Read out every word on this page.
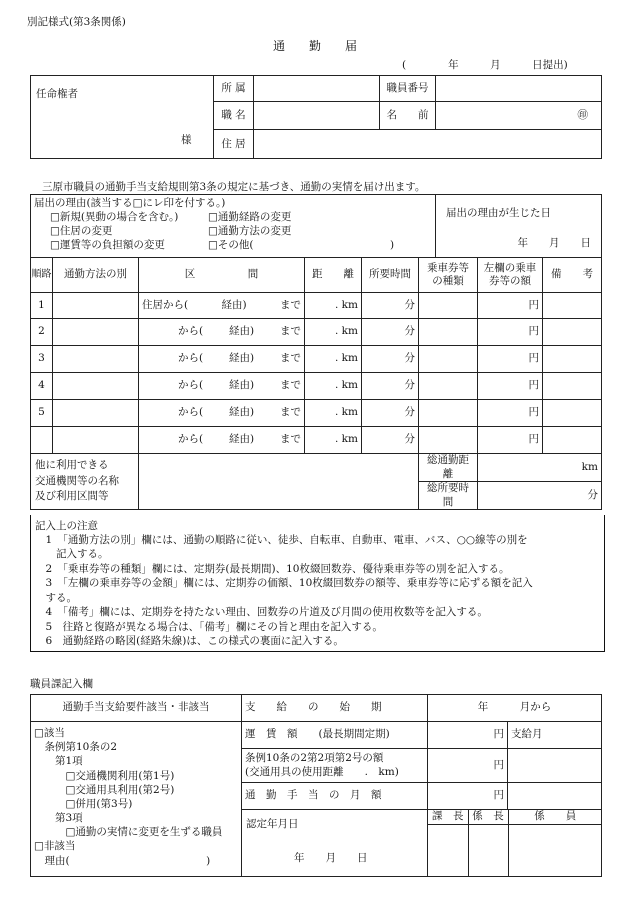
別記様式(第3条関係)
通　　勤　　届
(　　　　年　　　月　　　日提出)
任命権者
様	所 属		職員番号	
	職 名		名　　前	㊞
	住 居			
三原市職員の通勤手当支給規則第3条の規定に基づき、通勤の実情を届け出ます。
届出の理由(該当する□にレ印を付する。)
□新規(異動の場合を含む。)	□通勤経路の変更
□住居の変更	□通勤方法の変更
□運賃等の負担額の変更	□その他(　　　　　　　　　　　　　)

届出の理由が生じた日
年　　月　　日
順路	通勤方法の別	区　　　　　間	距　　離	所要時間	乗車券等の種類	左欄の乗車券等の額	備　　考
1		住居から( 経由) まで	. km	分		円	
2		から( 経由) まで	. km	分		円	
3		から( 経由) まで	. km	分		円	
4		から( 経由) まで	. km	分		円	
5		から( 経由) まで	. km	分		円	

		から( 経由) まで	. km	分		円	

他に利用できる
交通機関等の名称
及び利用区間等					総通勤距離	km	
					総所要時間	分	
記入上の注意
　1　「通勤方法の別」欄には、通勤の順路に従い、徒歩、自転車、自動車、電車、バス、○○線等の別を
　　記入する。
　2　「乗車券等の種類」欄には、定期券(最長期間)、10枚綴回数券、優待乗車券等の別を記入する。
　3　「左欄の乗車券等の金額」欄には、定期券の価額、10枚綴回数券の額等、乗車券等に応ずる額を記入
　する。
　4　「備考」欄には、定期券を持たない理由、回数券の片道及び月間の使用枚数等を記入する。
　5　往路と復路が異なる場合は、「備考」欄にその旨と理由を記入する。
　6　通勤経路の略図(経路朱線)は、この様式の裏面に記入する。
職員課記入欄
通勤手当支給要件該当・非該当	支　　給　　の　　始　　期	年　　　月から

□該当
　条例第10条の2
　　第1項
　　　□交通機関利用(第1号)
　　　□交通用具利用(第2号)
　　　□併用(第3号)
　　第3項
　　　□通勤の実情に変更を生ずる職員
□非該当
　理由(　　　　　　　　　　　　　)
	運　賃　額　　(最長期間定期)	円	支給月

条例10条の2第2項第2号の額
(交通用具の使用距離　　.　km)
	円	
通　勤　手　当　の　月　額	円	

認定年月日
年　　月　　日

課　長	係　長	係　　員
